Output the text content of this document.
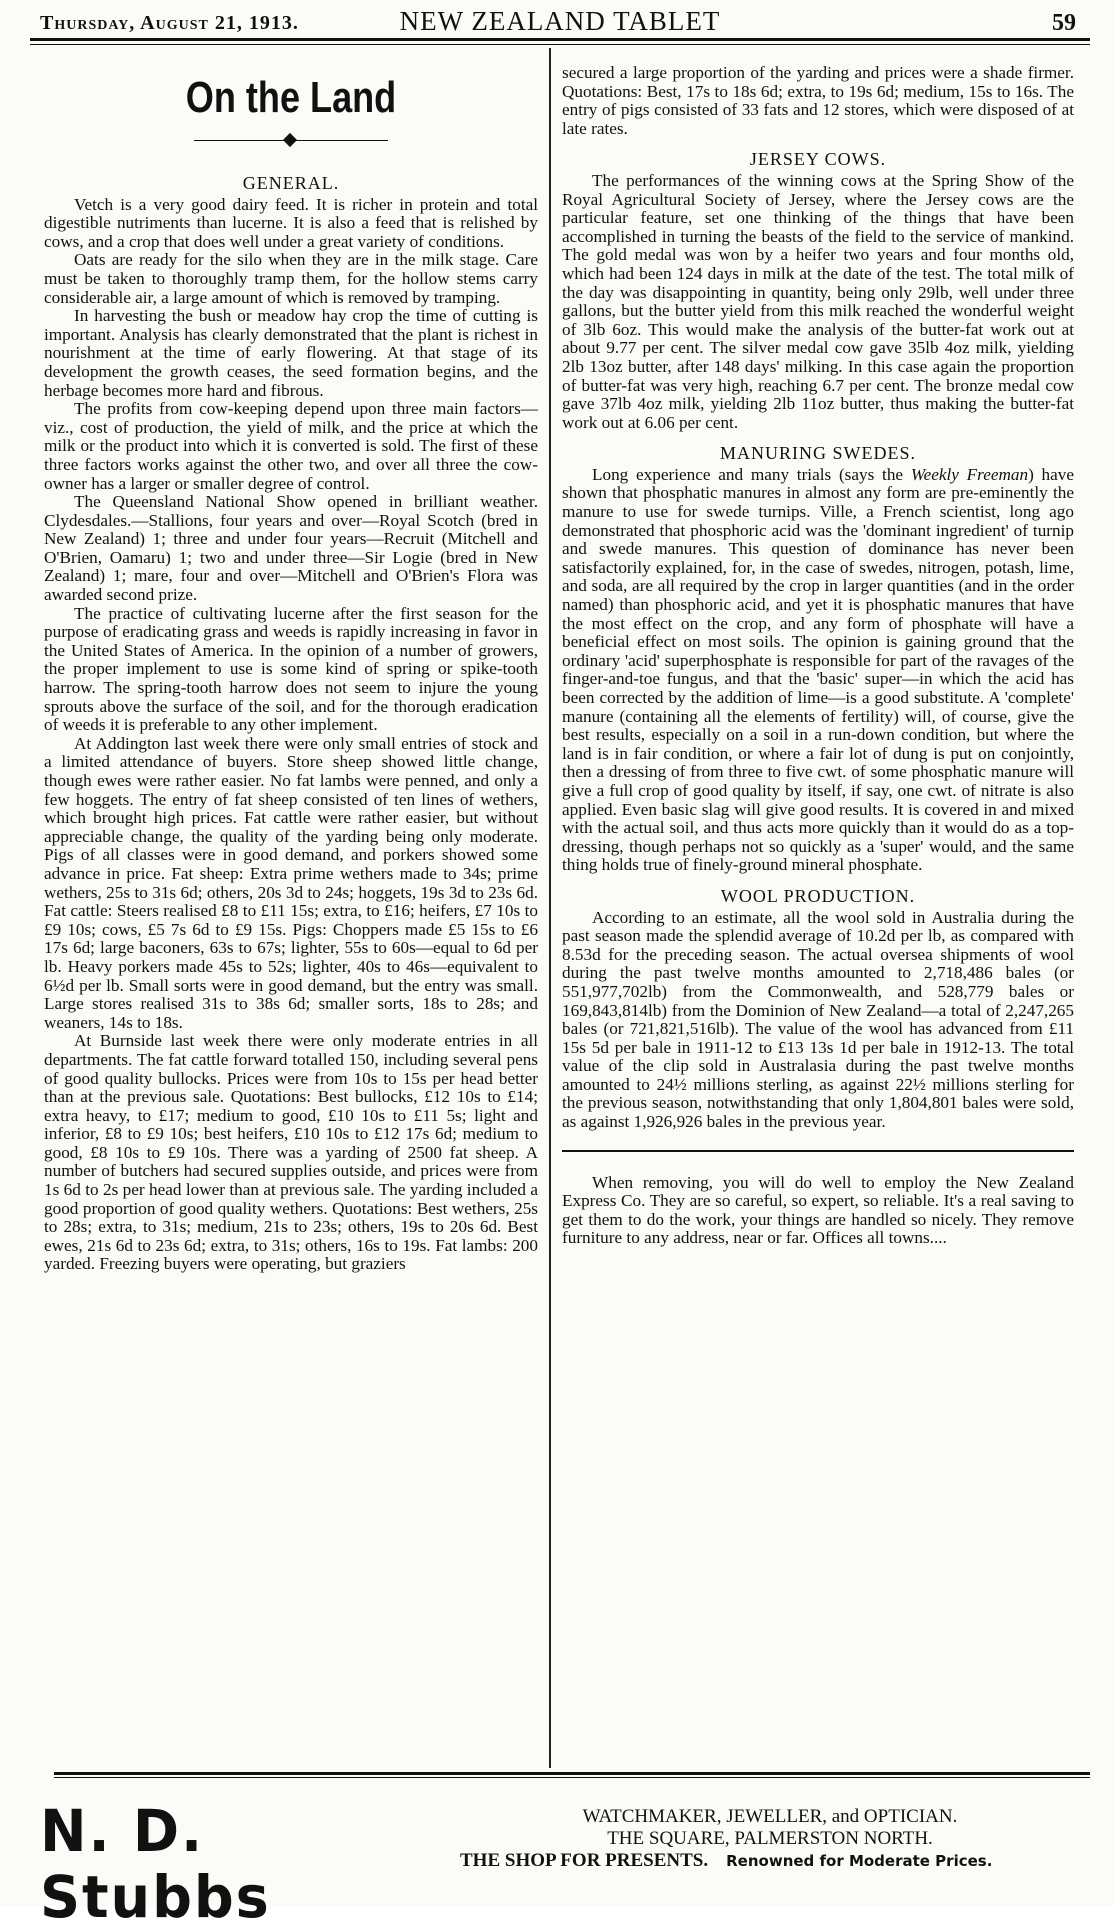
Thursday, August 21, 1913.	NEW ZEALAND TABLET	59
On the Land
GENERAL.

Vetch is a very good dairy feed. It is richer in protein and total digestible nutriments than lucerne. It is also a feed that is relished by cows, and a crop that does well under a great variety of conditions.

Oats are ready for the silo when they are in the milk stage. Care must be taken to thoroughly tramp them, for the hollow stems carry considerable air, a large amount of which is removed by tramping.

In harvesting the bush or meadow hay crop the time of cutting is important. Analysis has clearly demonstrated that the plant is richest in nourishment at the time of early flowering. At that stage of its development the growth ceases, the seed formation begins, and the herbage becomes more hard and fibrous.

The profits from cow-keeping depend upon three main factors—viz., cost of production, the yield of milk, and the price at which the milk or the product into which it is converted is sold. The first of these three factors works against the other two, and over all three the cow-owner has a larger or smaller degree of control.

The Queensland National Show opened in brilliant weather. Clydesdales.—Stallions, four years and over—Royal Scotch (bred in New Zealand) 1; three and under four years—Recruit (Mitchell and O'Brien, Oamaru) 1; two and under three—Sir Logie (bred in New Zealand) 1; mare, four and over—Mitchell and O'Brien's Flora was awarded second prize.

The practice of cultivating lucerne after the first season for the purpose of eradicating grass and weeds is rapidly increasing in favor in the United States of America. In the opinion of a number of growers, the proper implement to use is some kind of spring or spike-tooth harrow. The spring-tooth harrow does not seem to injure the young sprouts above the surface of the soil, and for the thorough eradication of weeds it is preferable to any other implement.

At Addington last week there were only small entries of stock and a limited attendance of buyers. Store sheep showed little change, though ewes were rather easier. No fat lambs were penned, and only a few hoggets. The entry of fat sheep consisted of ten lines of wethers, which brought high prices. Fat cattle were rather easier, but without appreciable change, the quality of the yarding being only moderate. Pigs of all classes were in good demand, and porkers showed some advance in price. Fat sheep: Extra prime wethers made to 34s; prime wethers, 25s to 31s 6d; others, 20s 3d to 24s; hoggets, 19s 3d to 23s 6d. Fat cattle: Steers realised £8 to £11 15s; extra, to £16; heifers, £7 10s to £9 10s; cows, £5 7s 6d to £9 15s. Pigs: Choppers made £5 15s to £6 17s 6d; large baconers, 63s to 67s; lighter, 55s to 60s—equal to 6d per lb. Heavy porkers made 45s to 52s; lighter, 40s to 46s—equivalent to 6½d per lb. Small sorts were in good demand, but the entry was small. Large stores realised 31s to 38s 6d; smaller sorts, 18s to 28s; and weaners, 14s to 18s.

At Burnside last week there were only moderate entries in all departments. The fat cattle forward totalled 150, including several pens of good quality bullocks. Prices were from 10s to 15s per head better than at the previous sale. Quotations: Best bullocks, £12 10s to £14; extra heavy, to £17; medium to good, £10 10s to £11 5s; light and inferior, £8 to £9 10s; best heifers, £10 10s to £12 17s 6d; medium to good, £8 10s to £9 10s. There was a yarding of 2500 fat sheep. A number of butchers had secured supplies outside, and prices were from 1s 6d to 2s per head lower than at previous sale. The yarding included a good proportion of good quality wethers. Quotations: Best wethers, 25s to 28s; extra, to 31s; medium, 21s to 23s; others, 19s to 20s 6d. Best ewes, 21s 6d to 23s 6d; extra, to 31s; others, 16s to 19s. Fat lambs: 200 yarded. Freezing buyers were operating, but graziers

secured a large proportion of the yarding and prices were a shade firmer. Quotations: Best, 17s to 18s 6d; extra, to 19s 6d; medium, 15s to 16s. The entry of pigs consisted of 33 fats and 12 stores, which were disposed of at late rates.

JERSEY COWS.

The performances of the winning cows at the Spring Show of the Royal Agricultural Society of Jersey, where the Jersey cows are the particular feature, set one thinking of the things that have been accomplished in turning the beasts of the field to the service of mankind. The gold medal was won by a heifer two years and four months old, which had been 124 days in milk at the date of the test. The total milk of the day was disappointing in quantity, being only 29lb, well under three gallons, but the butter yield from this milk reached the wonderful weight of 3lb 6oz. This would make the analysis of the butter-fat work out at about 9.77 per cent. The silver medal cow gave 35lb 4oz milk, yielding 2lb 13oz butter, after 148 days' milking. In this case again the proportion of butter-fat was very high, reaching 6.7 per cent. The bronze medal cow gave 37lb 4oz milk, yielding 2lb 11oz butter, thus making the butter-fat work out at 6.06 per cent.

MANURING SWEDES.

Long experience and many trials (says the Weekly Freeman) have shown that phosphatic manures in almost any form are pre-eminently the manure to use for swede turnips. Ville, a French scientist, long ago demonstrated that phosphoric acid was the 'dominant ingredient' of turnip and swede manures. This question of dominance has never been satisfactorily explained, for, in the case of swedes, nitrogen, potash, lime, and soda, are all required by the crop in larger quantities (and in the order named) than phosphoric acid, and yet it is phosphatic manures that have the most effect on the crop, and any form of phosphate will have a beneficial effect on most soils. The opinion is gaining ground that the ordinary 'acid' superphosphate is responsible for part of the ravages of the finger-and-toe fungus, and that the 'basic' super—in which the acid has been corrected by the addition of lime—is a good substitute. A 'complete' manure (containing all the elements of fertility) will, of course, give the best results, especially on a soil in a run-down condition, but where the land is in fair condition, or where a fair lot of dung is put on conjointly, then a dressing of from three to five cwt. of some phosphatic manure will give a full crop of good quality by itself, if say, one cwt. of nitrate is also applied. Even basic slag will give good results. It is covered in and mixed with the actual soil, and thus acts more quickly than it would do as a top-dressing, though perhaps not so quickly as a 'super' would, and the same thing holds true of finely-ground mineral phosphate.

WOOL PRODUCTION.

According to an estimate, all the wool sold in Australia during the past season made the splendid average of 10.2d per lb, as compared with 8.53d for the preceding season. The actual oversea shipments of wool during the past twelve months amounted to 2,718,486 bales (or 551,977,702lb) from the Commonwealth, and 528,779 bales or 169,843,814lb) from the Dominion of New Zealand—a total of 2,247,265 bales (or 721,821,516lb). The value of the wool has advanced from £11 15s 5d per bale in 1911-12 to £13 13s 1d per bale in 1912-13. The total value of the clip sold in Australasia during the past twelve months amounted to 24½ millions sterling, as against 22½ millions sterling for the previous season, notwithstanding that only 1,804,801 bales were sold, as against 1,926,926 bales in the previous year.

When removing, you will do well to employ the New Zealand Express Co. They are so careful, so expert, so reliable. It's a real saving to get them to do the work, your things are handled so nicely. They remove furniture to any address, near or far. Offices all towns....

N. D. Stubbs
WATCHMAKER, JEWELLER, and OPTICIAN.
THE SQUARE, PALMERSTON NORTH.
THE SHOP FOR PRESENTS. Renowned for Moderate Prices.
